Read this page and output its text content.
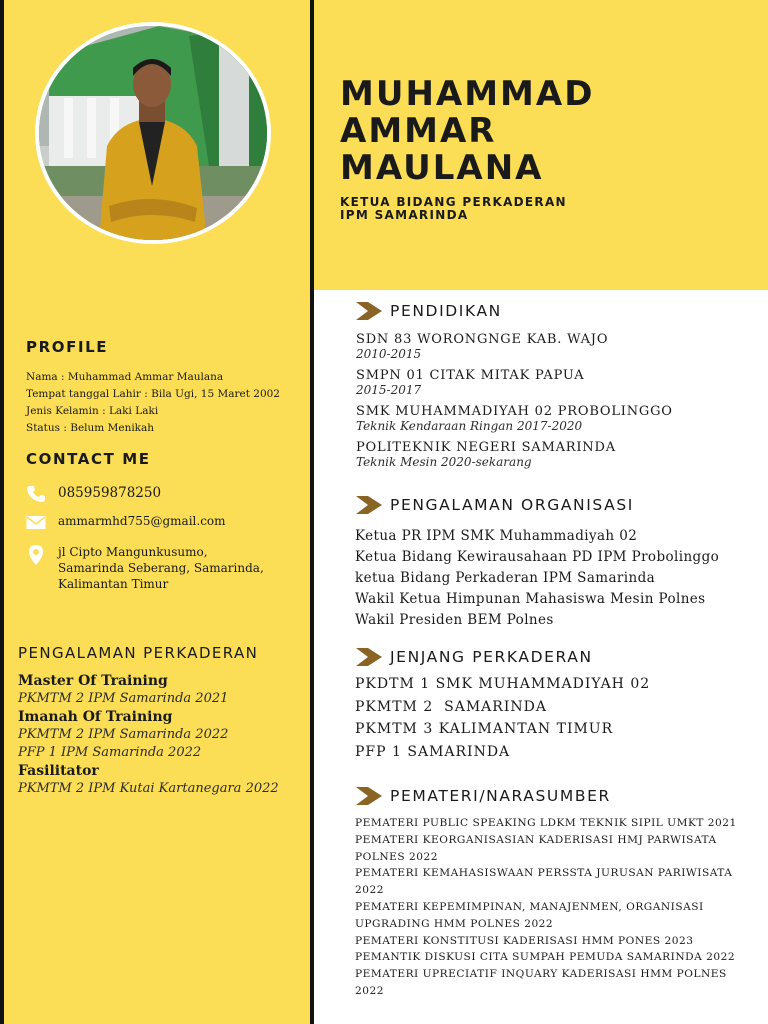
MUHAMMAD
AMMAR
MAULANA
KETUA BIDANG PERKADERAN
IPM SAMARINDA
PROFILE
Nama : Muhammad Ammar Maulana
Tempat tanggal Lahir : Bila Ugi, 15 Maret 2002
Jenis Kelamin : Laki Laki
Status : Belum Menikah
CONTACT ME
085959878250
ammarmhd755@gmail.com
jl Cipto Mangunkusumo,
Samarinda Seberang, Samarinda,
Kalimantan Timur
PENGALAMAN PERKADERAN
Master Of Training
PKMTM 2 IPM Samarinda 2021
Imanah Of Training
PKMTM 2 IPM Samarinda 2022
PFP 1 IPM Samarinda 2022
Fasilitator
PKMTM 2 IPM Kutai Kartanegara 2022
PENDIDIKAN
SDN 83 WORONGNGE KAB. WAJO
2010-2015
SMPN 01 CITAK MITAK PAPUA
2015-2017
SMK MUHAMMADIYAH 02 PROBOLINGGO
Teknik Kendaraan Ringan 2017-2020
POLITEKNIK NEGERI SAMARINDA
Teknik Mesin 2020-sekarang
PENGALAMAN ORGANISASI
Ketua PR IPM SMK Muhammadiyah 02
Ketua Bidang Kewirausahaan PD IPM Probolinggo
ketua Bidang Perkaderan IPM Samarinda
Wakil Ketua Himpunan Mahasiswa Mesin Polnes
Wakil Presiden BEM Polnes
JENJANG PERKADERAN
PKDTM 1 SMK MUHAMMADIYAH 02
PKMTM 2  SAMARINDA
PKMTM 3 KALIMANTAN TIMUR
PFP 1 SAMARINDA
PEMATERI/NARASUMBER
PEMATERI PUBLIC SPEAKING LDKM TEKNIK SIPIL UMKT 2021
PEMATERI KEORGANISASIAN KADERISASI HMJ PARWISATA
POLNES 2022
PEMATERI KEMAHASISWAAN PERSSTA JURUSAN PARIWISATA
2022
PEMATERI KEPEMIMPINAN, MANAJENMEN, ORGANISASI
UPGRADING HMM POLNES 2022
PEMATERI KONSTITUSI KADERISASI HMM PONES 2023
PEMANTIK DISKUSI CITA SUMPAH PEMUDA SAMARINDA 2022
PEMATERI UPRECIATIF INQUARY KADERISASI HMM POLNES
2022
